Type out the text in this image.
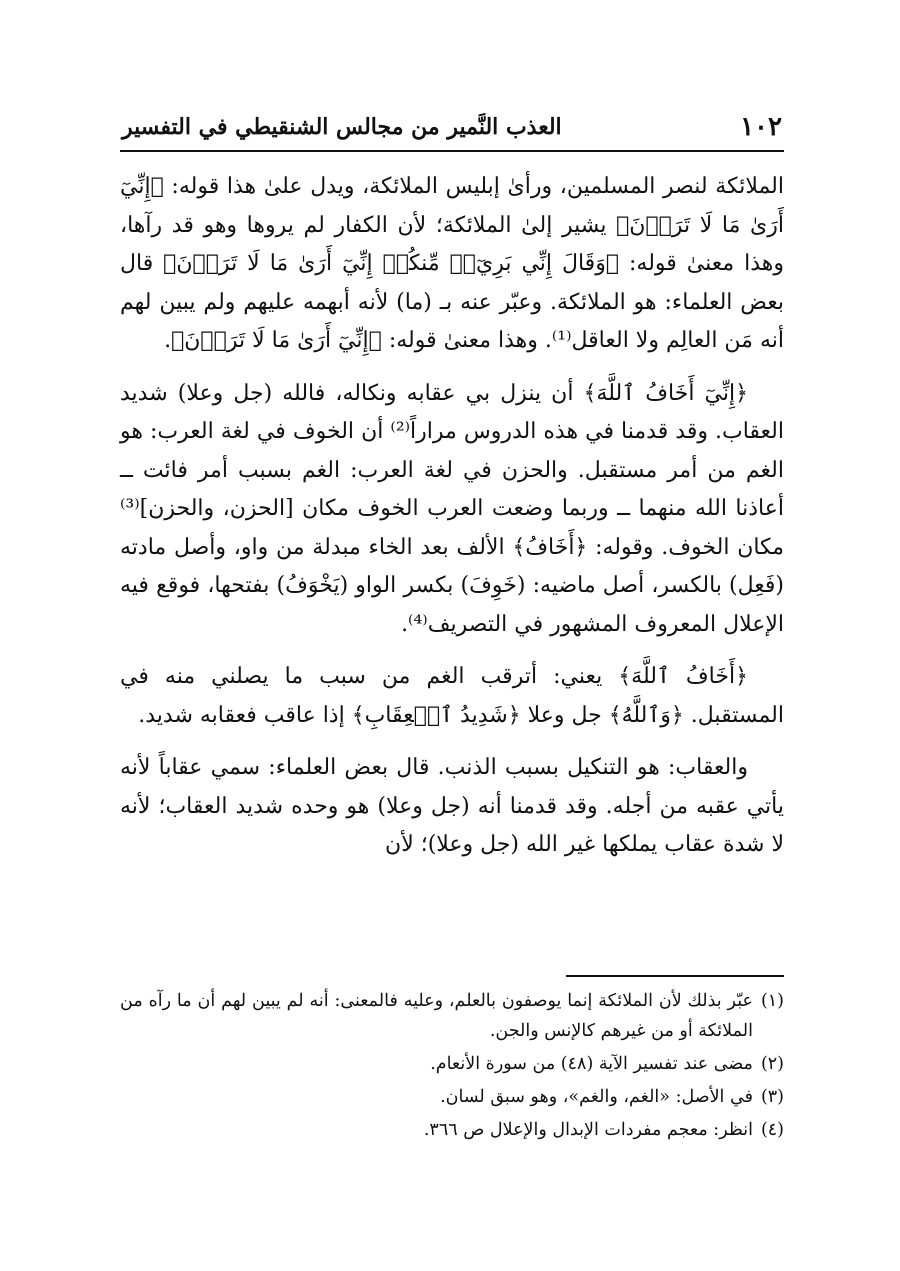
١٠٢
العذب النَّمير من مجالس الشنقيطي في التفسير

الملائكة لنصر المسلمين، ورأىٰ إبليس الملائكة، ويدل علىٰ هذا قوله: ﴿إِنِّيٓ أَرَىٰ مَا لَا تَرَوۡنَ﴾ يشير إلىٰ الملائكة؛ لأن الكفار لم يروها وهو قد رآها، وهذا معنىٰ قوله: ﴿وَقَالَ إِنِّي بَرِيٓءٞ مِّنكُمۡ إِنِّيٓ أَرَىٰ مَا لَا تَرَوۡنَ﴾ قال بعض العلماء: هو الملائكة. وعبّر عنه بـ (ما) لأنه أبهمه عليهم ولم يبين لهم أنه مَن العالِم ولا العاقل⁽¹⁾. وهذا معنىٰ قوله: ﴿إِنِّيٓ أَرَىٰ مَا لَا تَرَوۡنَ﴾.

﴿إِنِّيٓ أَخَافُ ٱللَّهَ﴾ أن ينزل بي عقابه ونكاله، فالله (جل وعلا) شديد العقاب. وقد قدمنا في هذه الدروس مراراً⁽²⁾ أن الخوف في لغة العرب: هو الغم من أمر مستقبل. والحزن في لغة العرب: الغم بسبب أمر فائت ــ أعاذنا الله منهما ــ وربما وضعت العرب الخوف مكان [الحزن، والحزن]⁽³⁾ مكان الخوف. وقوله: ﴿أَخَافُ﴾ الألف بعد الخاء مبدلة من واو، وأصل مادته (فَعِل) بالكسر، أصل ماضيه: (خَوِفَ) بكسر الواو (يَخْوَفُ) بفتحها، فوقع فيه الإعلال المعروف المشهور في التصريف⁽⁴⁾.

﴿أَخَافُ ٱللَّهَ﴾ يعني: أترقب الغم من سبب ما يصلني منه في المستقبل. ﴿وَٱللَّهُ﴾ جل وعلا ﴿شَدِيدُ ٱلۡعِقَابِ﴾ إذا عاقب فعقابه شديد.

والعقاب: هو التنكيل بسبب الذنب. قال بعض العلماء: سمي عقاباً لأنه يأتي عقبه من أجله. وقد قدمنا أنه (جل وعلا) هو وحده شديد العقاب؛ لأنه لا شدة عقاب يملكها غير الله (جل وعلا)؛ لأن

(١)
عبّر بذلك لأن الملائكة إنما يوصفون بالعلم، وعليه فالمعنى: أنه لم يبين لهم أن ما رآه من الملائكة أو من غيرهم كالإنس والجن.
(٢)
مضى عند تفسير الآية (٤٨) من سورة الأنعام.
(٣)
في الأصل: «الغم، والغم»، وهو سبق لسان.
(٤)
انظر: معجم مفردات الإبدال والإعلال ص ٣٦٦.
